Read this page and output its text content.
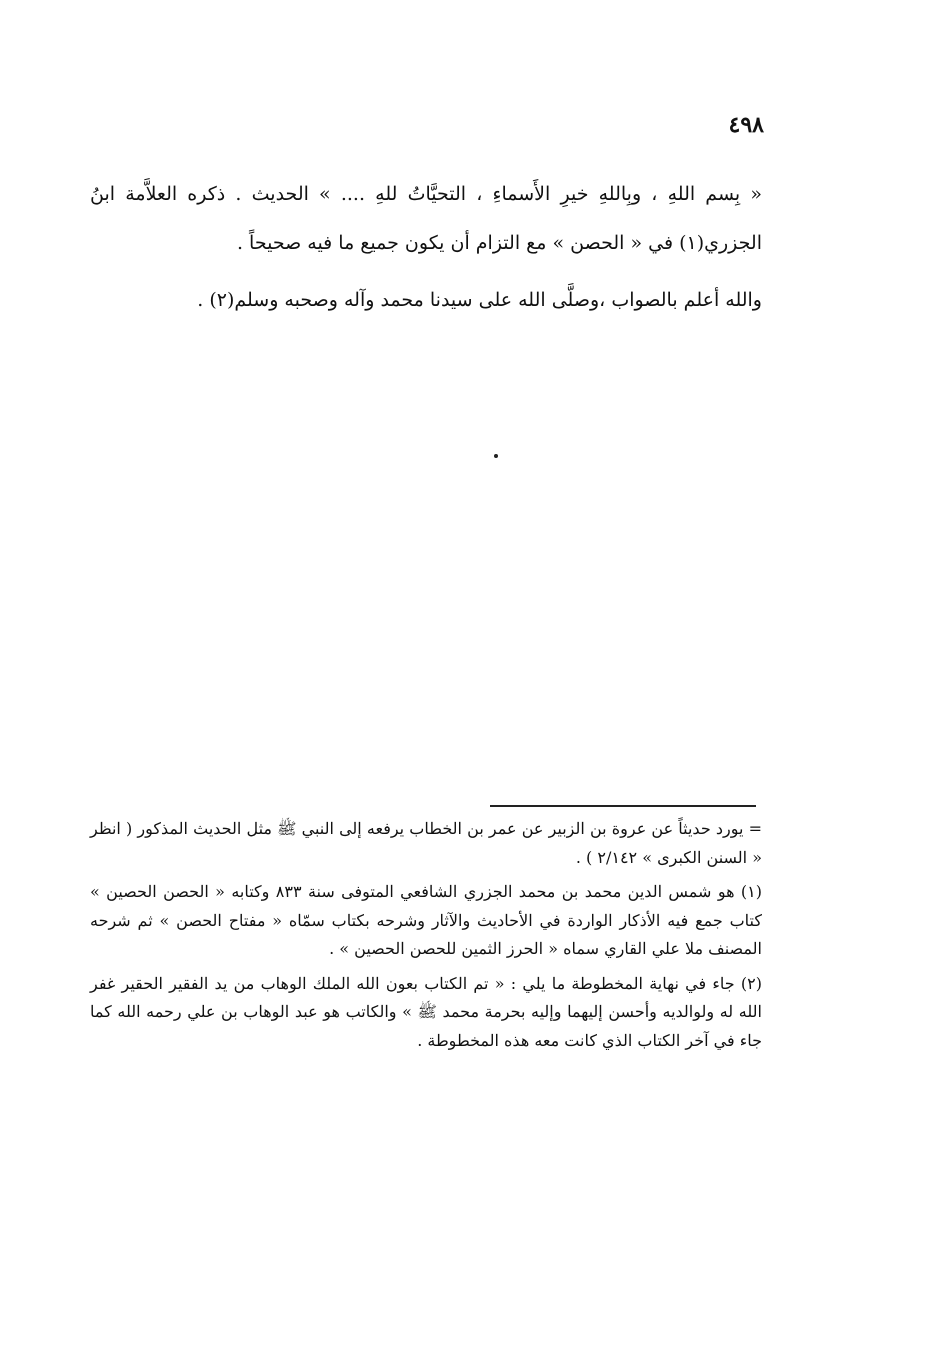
٤٩٨

« بِسم اللهِ ، وبِاللهِ خيرِ الأَسماءِ ، التحيَّاتُ للهِ .... » الحديث . ذكره العلاَّمة ابنُ الجزري(١) في « الحصن » مع التزام أن يكون جميع ما فيه صحيحاً .

والله أعلم بالصواب ،وصلَّى الله على سيدنا محمد وآله وصحبه وسلم(٢) .

= يورد حديثاً عن عروة بن الزبير عن عمر بن الخطاب يرفعه إلى النبي ﷺ مثل الحديث المذكور ( انظر « السنن الكبرى » ٢/١٤٢ ) .

(١) هو شمس الدين محمد بن محمد الجزري الشافعي المتوفى سنة ٨٣٣ وكتابه « الحصن الحصين » كتاب جمع فيه الأذكار الواردة في الأحاديث والآثار وشرحه بكتاب سمّاه « مفتاح الحصن » ثم شرحه المصنف ملا علي القاري سماه « الحرز الثمين للحصن الحصين » .

(٢) جاء في نهاية المخطوطة ما يلي : « تم الكتاب بعون الله الملك الوهاب من يد الفقير الحقير غفر الله له ولوالديه وأحسن إليهما وإليه بحرمة محمد ﷺ » والكاتب هو عبد الوهاب بن علي رحمه الله كما جاء في آخر الكتاب الذي كانت معه هذه المخطوطة .
